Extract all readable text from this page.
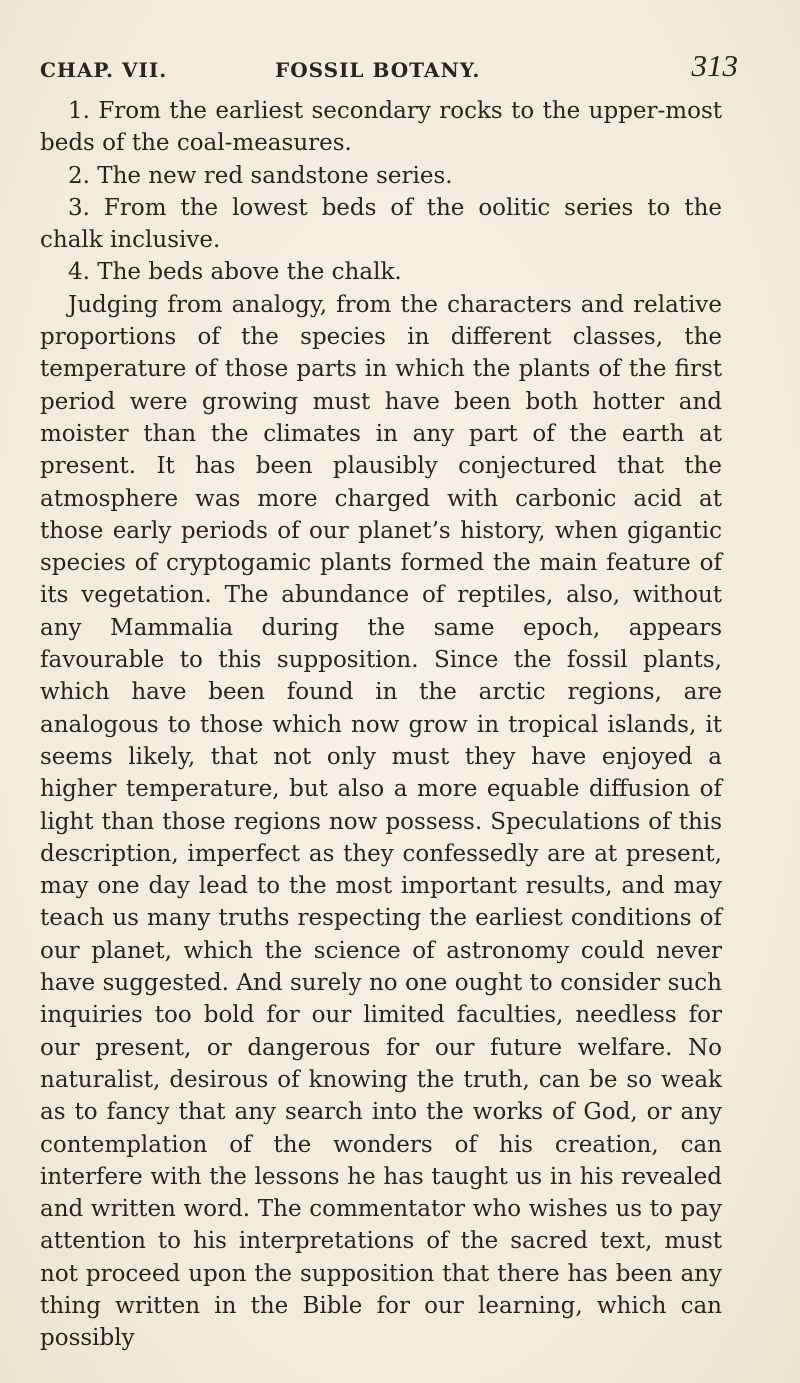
CHAP. VII.	FOSSIL BOTANY.	313

1. From the earliest secondary rocks to the upper-most beds of the coal-measures.

2. The new red sandstone series.

3. From the lowest beds of the oolitic series to the chalk inclusive.

4. The beds above the chalk.

Judging from analogy, from the characters and relative proportions of the species in different classes, the temperature of those parts in which the plants of the first period were growing must have been both hotter and moister than the climates in any part of the earth at present. It has been plausibly conjectured that the atmosphere was more charged with carbonic acid at those early periods of our planet’s history, when gigantic species of cryptogamic plants formed the main feature of its vegetation. The abundance of reptiles, also, without any Mammalia during the same epoch, appears favourable to this supposition. Since the fossil plants, which have been found in the arctic regions, are analogous to those which now grow in tropical islands, it seems likely, that not only must they have enjoyed a higher temperature, but also a more equable diffusion of light than those regions now possess. Speculations of this description, imperfect as they confessedly are at present, may one day lead to the most important results, and may teach us many truths respecting the earliest conditions of our planet, which the science of astronomy could never have suggested. And surely no one ought to consider such inquiries too bold for our limited faculties, needless for our present, or dangerous for our future welfare. No naturalist, desirous of knowing the truth, can be so weak as to fancy that any search into the works of God, or any contemplation of the wonders of his creation, can interfere with the lessons he has taught us in his revealed and written word. The commentator who wishes us to pay attention to his interpretations of the sacred text, must not proceed upon the supposition that there has been any thing written in the Bible for our learning, which can possibly
